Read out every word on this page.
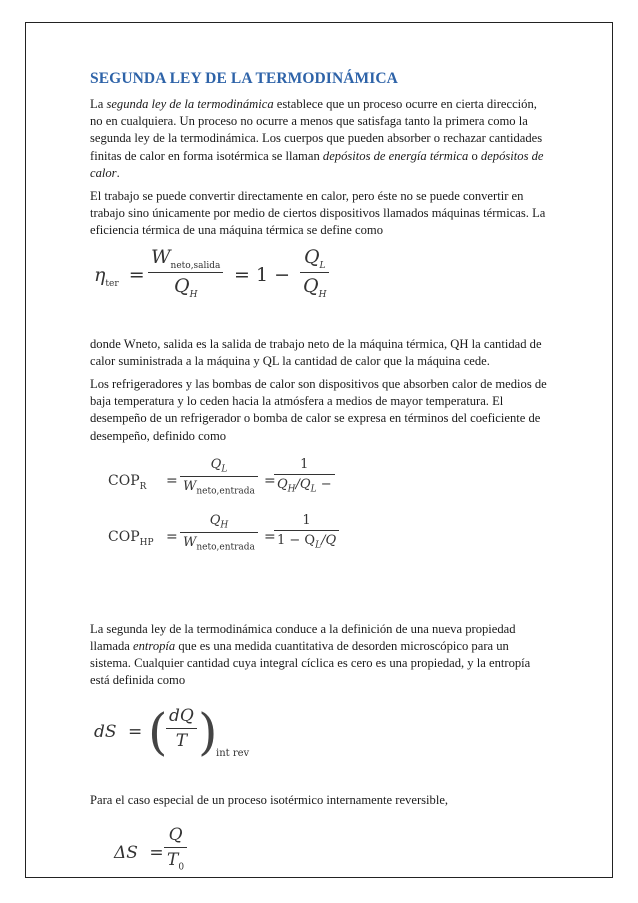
SEGUNDA LEY DE LA TERMODINÁMICA

La segunda ley de la termodinámica establece que un proceso ocurre en cierta dirección, no en cualquiera. Un proceso no ocurre a menos que satisfaga tanto la primera como la segunda ley de la termodinámica. Los cuerpos que pueden absorber o rechazar cantidades finitas de calor en forma isotérmica se llaman depósitos de energía térmica o depósitos de calor.

El trabajo se puede convertir directamente en calor, pero éste no se puede convertir en trabajo sino únicamente por medio de ciertos dispositivos llamados máquinas térmicas. La eficiencia térmica de una máquina térmica se define como

$\eta_{ter}$ =
$W_{neto,salida}$
$Q_H$
= $1 - \frac{Q_L}{Q_H}$

donde Wneto, salida es la salida de trabajo neto de la máquina térmica, QH la cantidad de calor suministrada a la máquina y QL la cantidad de calor que la máquina cede.

Los refrigeradores y las bombas de calor son dispositivos que absorben calor de medios de baja temperatura y lo ceden hacia la atmósfera a medios de mayor temperatura. El desempeño de un refrigerador o bomba de calor se expresa en términos del coeficiente de desempeño, definido como

$COP_R$ =
$Q_L$
$W_{neto,entrada}$
=
$\frac{1}{Q_H/Q_L -}$
$COP_{HP}$ =
$Q_H$
$W_{neto,entrada}$
=
$\frac{1}{1 - Q_L/Q}$

La segunda ley de la termodinámica conduce a la definición de una nueva propiedad llamada entropía que es una medida cuantitativa de desorden microscópico para un sistema. Cualquier cantidad cuya integral cíclica es cero es una propiedad, y la entropía está definida como

dS = (
$\frac{dQ}{T}$ )
int rev

Para el caso especial de un proceso isotérmico internamente reversible,

$\Delta S = \frac{Q}{T_0}$
